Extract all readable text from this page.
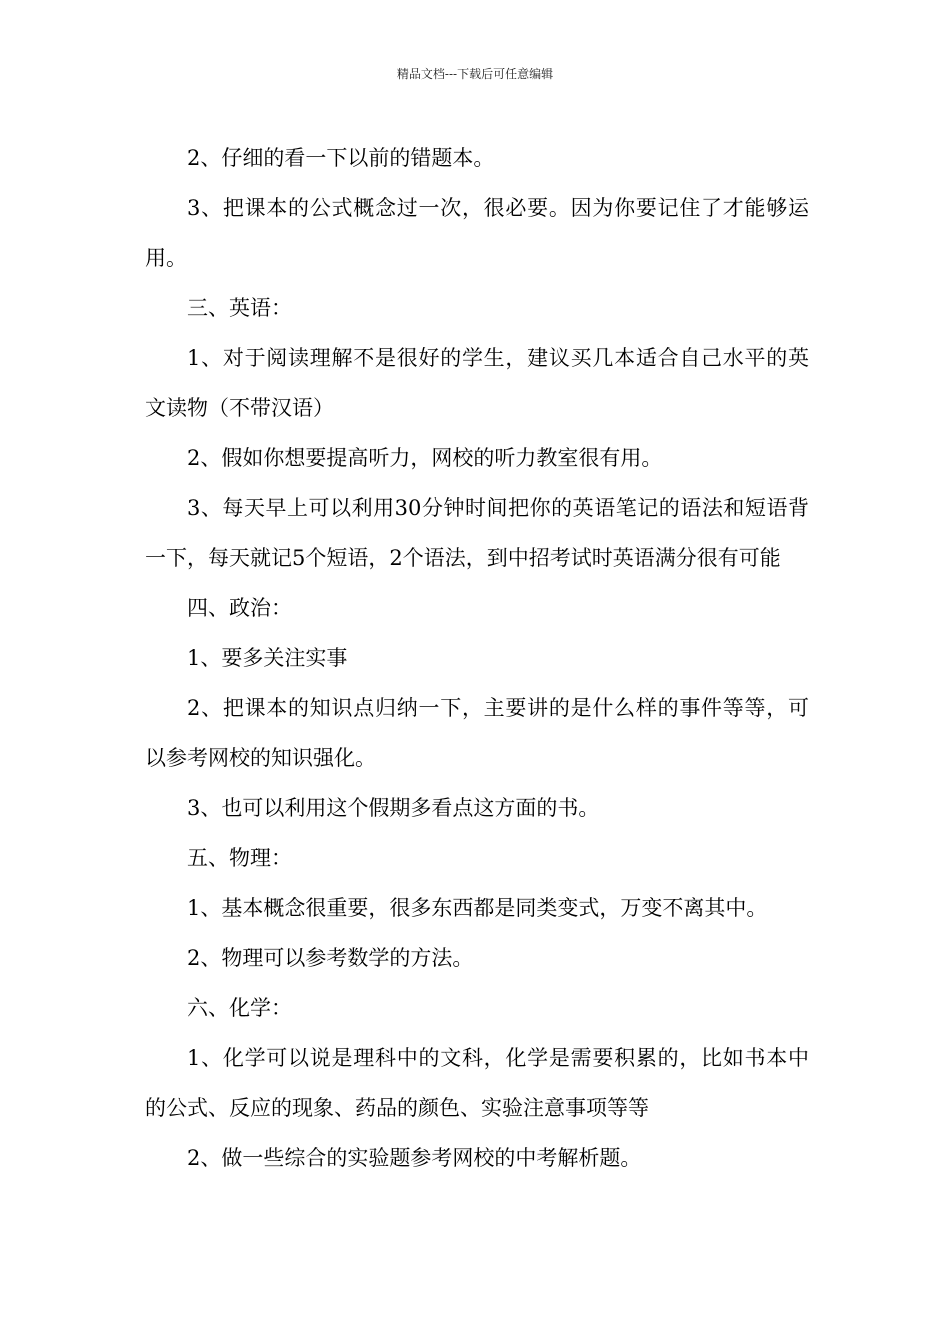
精品文档---下载后可任意编辑

2、仔细的看一下以前的错题本。

3、把课本的公式概念过一次，很必要。因为你要记住了才能够运用。

三、英语：

1、对于阅读理解不是很好的学生，建议买几本适合自己水平的英文读物（不带汉语）

2、假如你想要提高听力，网校的听力教室很有用。

3、每天早上可以利用30分钟时间把你的英语笔记的语法和短语背一下，每天就记5个短语，2个语法，到中招考试时英语满分很有可能

四、政治：

1、要多关注实事

2、把课本的知识点归纳一下，主要讲的是什么样的事件等等，可以参考网校的知识强化。

3、也可以利用这个假期多看点这方面的书。

五、物理：

1、基本概念很重要，很多东西都是同类变式，万变不离其中。

2、物理可以参考数学的方法。

六、化学：

1、化学可以说是理科中的文科，化学是需要积累的，比如书本中的公式、反应的现象、药品的颜色、实验注意事项等等

2、做一些综合的实验题参考网校的中考解析题。
